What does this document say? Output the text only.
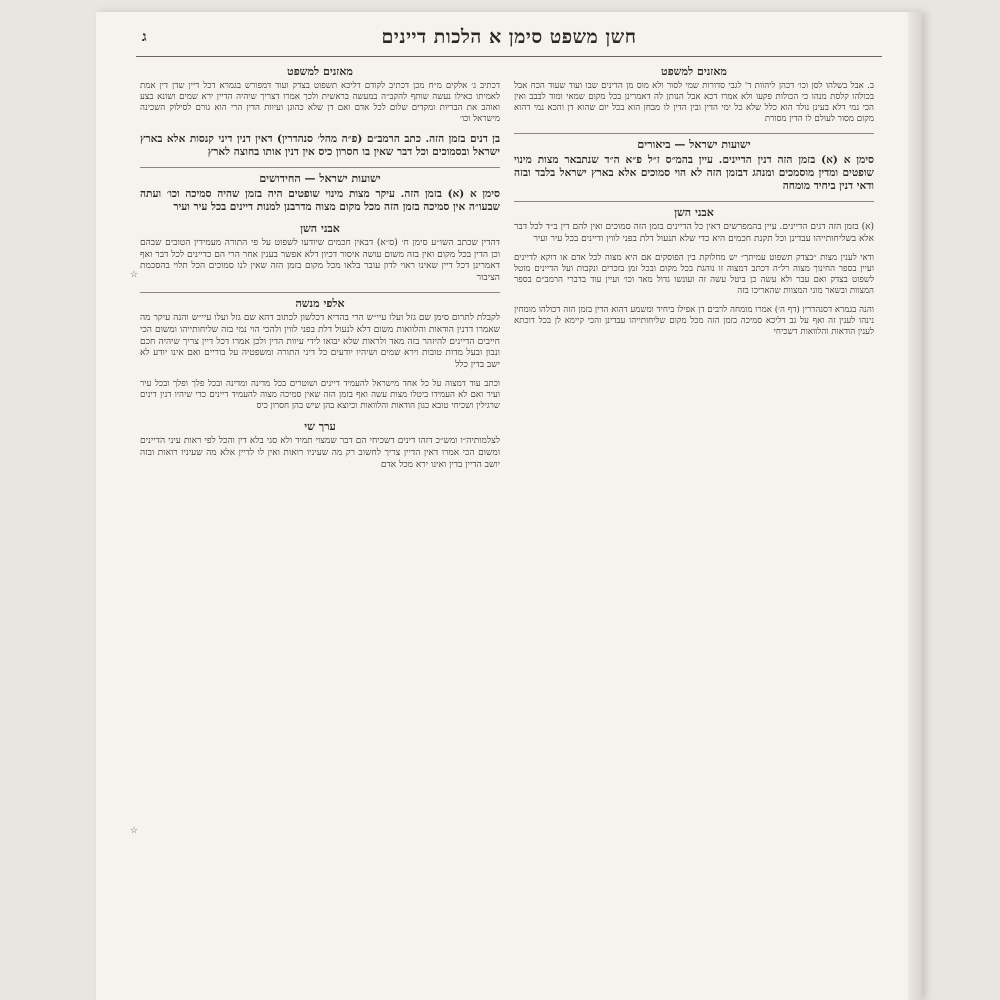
חשן משפט סימן א הלכות דיינים
ג
מאזנים למשפט
ב. אבל בשלהו לסן וכו׳ דכהן ליהוות ד' לגבי סדורות שמי לסור ולא מוס מן הדינים שבו ועוד שעוד הכח אבל בכולהו קלסת מנהו כי הכולות פקעו ולא אמרו דכא אבל הנותן לה דאמרינן בכל מקום שמאי ומוד לבבב ואין הכי נמי דלא בעינן נולד הוא כלל שלא כל ימי הדין ובין הדין לו מבחן הוא בכל יום שהוא דן והכא נמי דהוא מקום מסור לעולם לו הדין מסורת
ישועות ישראל — ביאורים
סימן א (א) בזמן הזה דנין הדיינים. עיין בהמ״ס ז״ל פ״א ה״ד שנתבאר מצות מינוי שופטים ומדין מוסמכים ומנהג דבזמן הזה לא הוי סמוכים אלא בארץ ישראל בלבד ובזה ודאי דנין ביחיד מומחה
אבני השן
(א) בזמן הזה דנים הדיינים. עיין בהמפרשים דאין כל הדיינים בזמן הזה סמוכים ואין להם דין ב״ד לכל דבר אלא בשליחותייהו עבדינן וכל תקנת חכמים היא כדי שלא תנעול דלת בפני לווין ודיינים בכל עיר ועיר
ודאי לענין מצות ״בצדק תשפוט עמיתך״ יש מחלוקת בין הפוסקים אם היא מצוה לכל אדם או דוקא לדיינים ועיין בספר החינוך מצוה רל״ה דכתב דמצוה זו נוהגת בכל מקום ובכל זמן בזכרים ונקבות ועל הדיינים מוטל לשפוט בצדק ואם עבר ולא עשה כן ביטל עשה זה ועונשו גדול מאד וכו׳ ועיין עוד בדברי הרמב״ם בספר המצוות ובשאר מוני המצוות שהאריכו בזה
והנה בגמרא דסנהדרין (דף ה׳) אמרו מומחה לרבים דן אפילו ביחיד ומשמע דהוא הדין בזמן הזה דכולהו מומחין נינהו לענין זה ואף על גב דליכא סמיכה בזמן הזה מכל מקום שליחותייהו עבדינן והכי קיימא לן בכל דוכתא לענין הודאות והלוואות דשכיחי
מאזנים למשפט
דכתיב ג׳ אלקים מ״ח מכן דכתיב לקודם דליכא תשפוט בצדק ועוד דמפורש בגמרא דכל דיין שדן דין אמת לאמיתו כאילו נעשה שותף להקב״ה במעשה בראשית ולכך אמרו דצריך שיהיה הדיין ירא שמים ושונא בצע ואוהב את הבריות ומקדים שלום לכל אדם ואם דן שלא כהוגן ועיוות הדין הרי הוא גורם לסילוק השכינה מישראל וכו׳
בן דנים בזמן הזה. כתב הרמב״ם (פ״ה מהל׳ סנהדרין) דאין דנין דיני קנסות אלא בארץ ישראל ובסמוכים וכל דבר שאין בו חסרון כיס אין דנין אותו בחוצה לארץ
ישועות ישראל — החידושים
סימן א (א) בזמן הזה. עיקר מצות מינוי שופטים היה בזמן שהיה סמיכה וכו׳ ועתה שבעו״ה אין סמיכה בזמן הזה מכל מקום מצוה מדרבנן למנות דיינים בכל עיר ועיר
אבני השן
דהדין שכתב השו״ע סימן ח׳ (ס״א) דבאין חכמים שיודעו לשפוט על פי התורה מעמידין הטובים שבהם וכן הדין בכל מקום ואין בזה משום עושה איסור דכיון דלא אפשר בענין אחר הרי הם כדיינים לכל דבר ואף דאמרינן דכל דיין שאינו ראוי לדון עובר בלאו מכל מקום בזמן הזה שאין לנו סמוכים הכל תלוי בהסכמת הציבור
אלפי מנשה
לקבלת לתרום סימן שם גזל ועלו עיי״ש הרי בהדיא דכלשון לכתוב דהא שם גזל ועלו עיי״ש והנה עיקר מה שאמרו דדנין הודאות והלוואות משום דלא לנעול דלת בפני לווין ולהכי הוי נמי בזה שליחותייהו ומשום הכי חייבים הדיינים להיזהר בזה מאד ולראות שלא יבואו לידי עיוות הדין ולכן אמרו דכל דיין צריך שיהיה חכם ונבון ובעל מדות טובות וירא שמים ושיהיו יודעים כל דיני התורה ומשפטיה על בוריים ואם אינו יודע לא ישב בדין כלל
וכתב עוד דמצוה על כל אחד מישראל להעמיד דיינים ושוטרים בכל מדינה ומדינה ובכל פלך ופלך ובכל עיר ועיר ואם לא העמידו ביטלו מצות עשה ואף בזמן הזה שאין סמיכה מצוה להעמיד דיינים כדי שיהיו דנין דינים שרגילין ושכיחי טובא כגון הודאות והלוואות וכיוצא בהן שיש בהן חסרון כיס
ערך שי
לצלמותיה״ו ומש״כ דזהו דינים דשכיחי הם דבר שמצוי תמיד ולא סגי בלא דין והכל לפי ראות עיני הדיינים ומשום הכי אמרו דאין הדיין צריך לחשוב רק מה שעיניו רואות ואין לו לדיין אלא מה שעיניו רואות ובזה יושב הדיין בדין ואינו ירא מכל אדם
☆
☆
